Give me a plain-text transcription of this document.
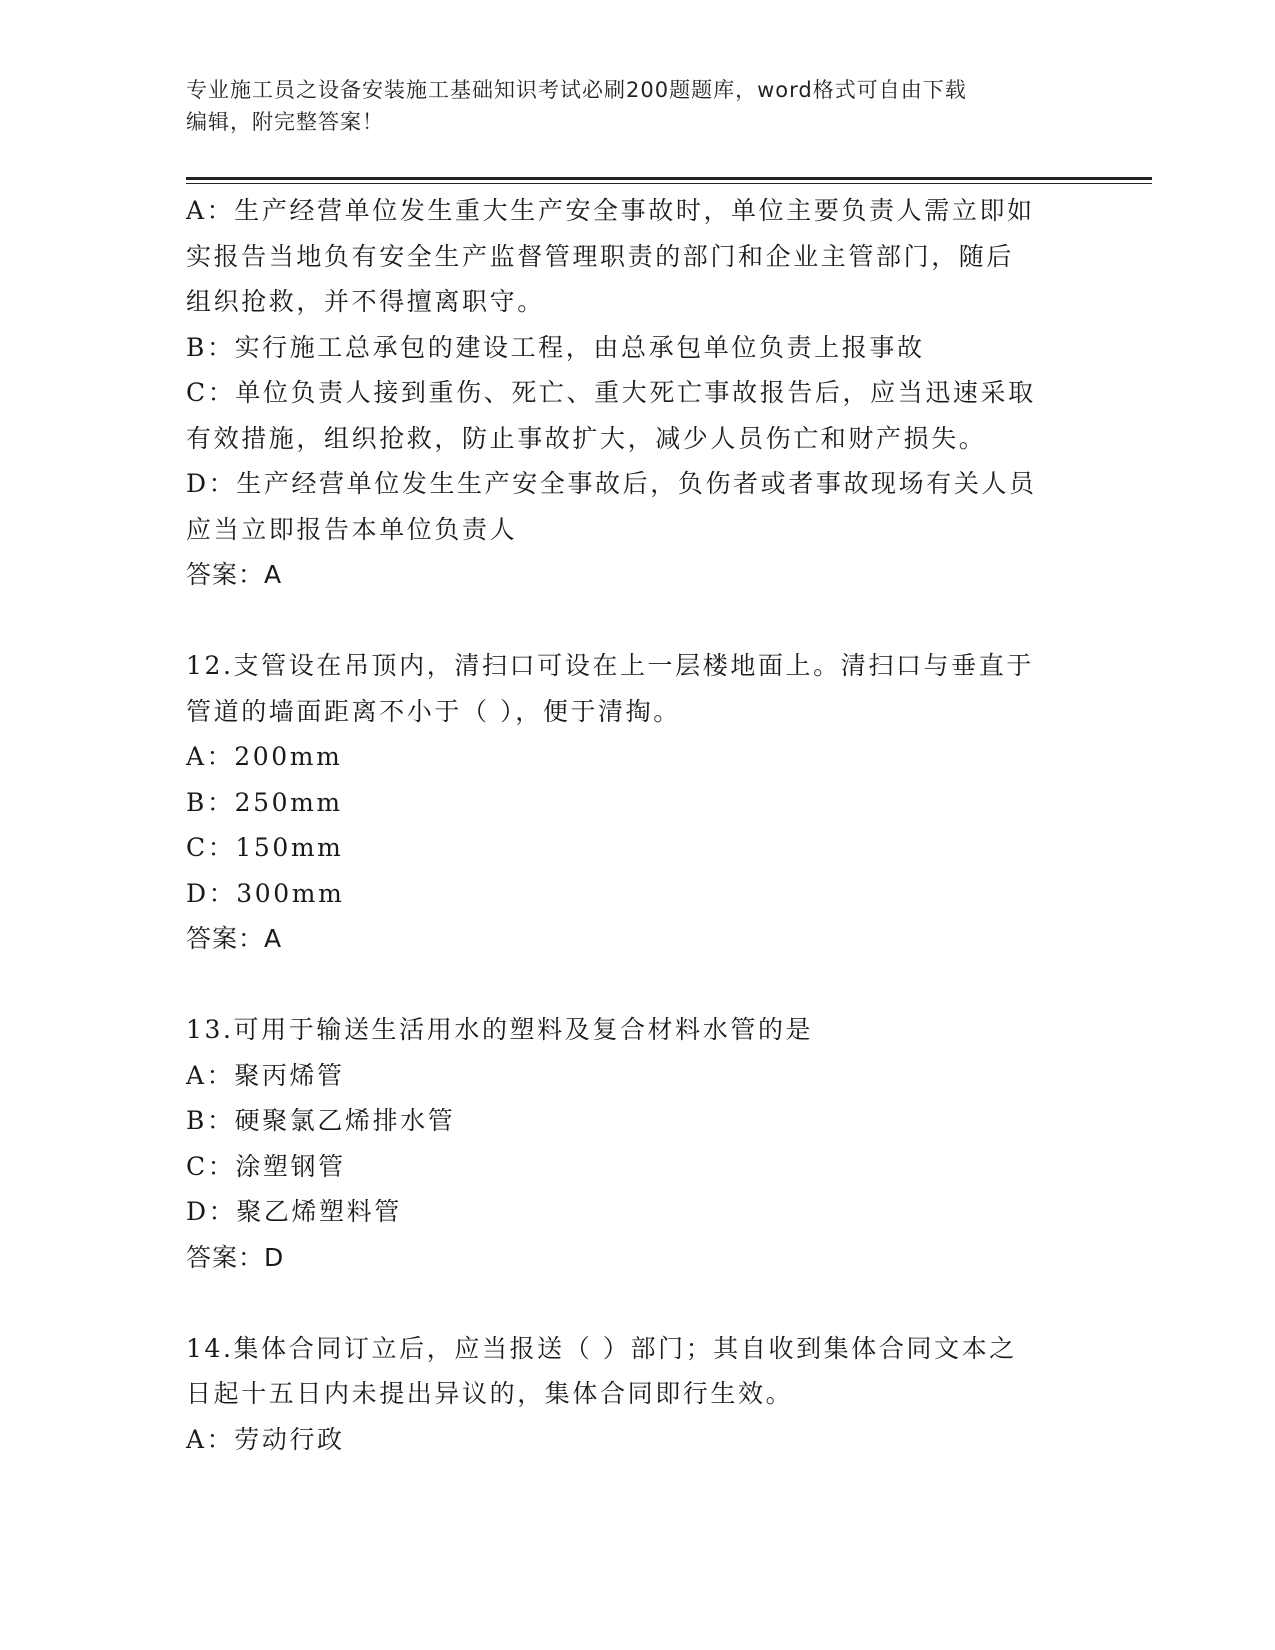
专业施工员之设备安装施工基础知识考试必刷200题题库，word格式可自由下载
编辑，附完整答案！
A：生产经营单位发生重大生产安全事故时，单位主要负责人需立即如
实报告当地负有安全生产监督管理职责的部门和企业主管部门，随后
组织抢救，并不得擅离职守。
B：实行施工总承包的建设工程，由总承包单位负责上报事故
C：单位负责人接到重伤、死亡、重大死亡事故报告后，应当迅速采取
有效措施，组织抢救，防止事故扩大，减少人员伤亡和财产损失。
D：生产经营单位发生生产安全事故后，负伤者或者事故现场有关人员
应当立即报告本单位负责人
答案：A
12.支管设在吊顶内，清扫口可设在上一层楼地面上。清扫口与垂直于
管道的墙面距离不小于（ ），便于清掏。
A：200mm
B：250mm
C：150mm
D：300mm
答案：A
13.可用于输送生活用水的塑料及复合材料水管的是
A：聚丙烯管
B：硬聚氯乙烯排水管
C：涂塑钢管
D：聚乙烯塑料管
答案：D
14.集体合同订立后，应当报送（ ）部门；其自收到集体合同文本之
日起十五日内未提出异议的，集体合同即行生效。
A：劳动行政
